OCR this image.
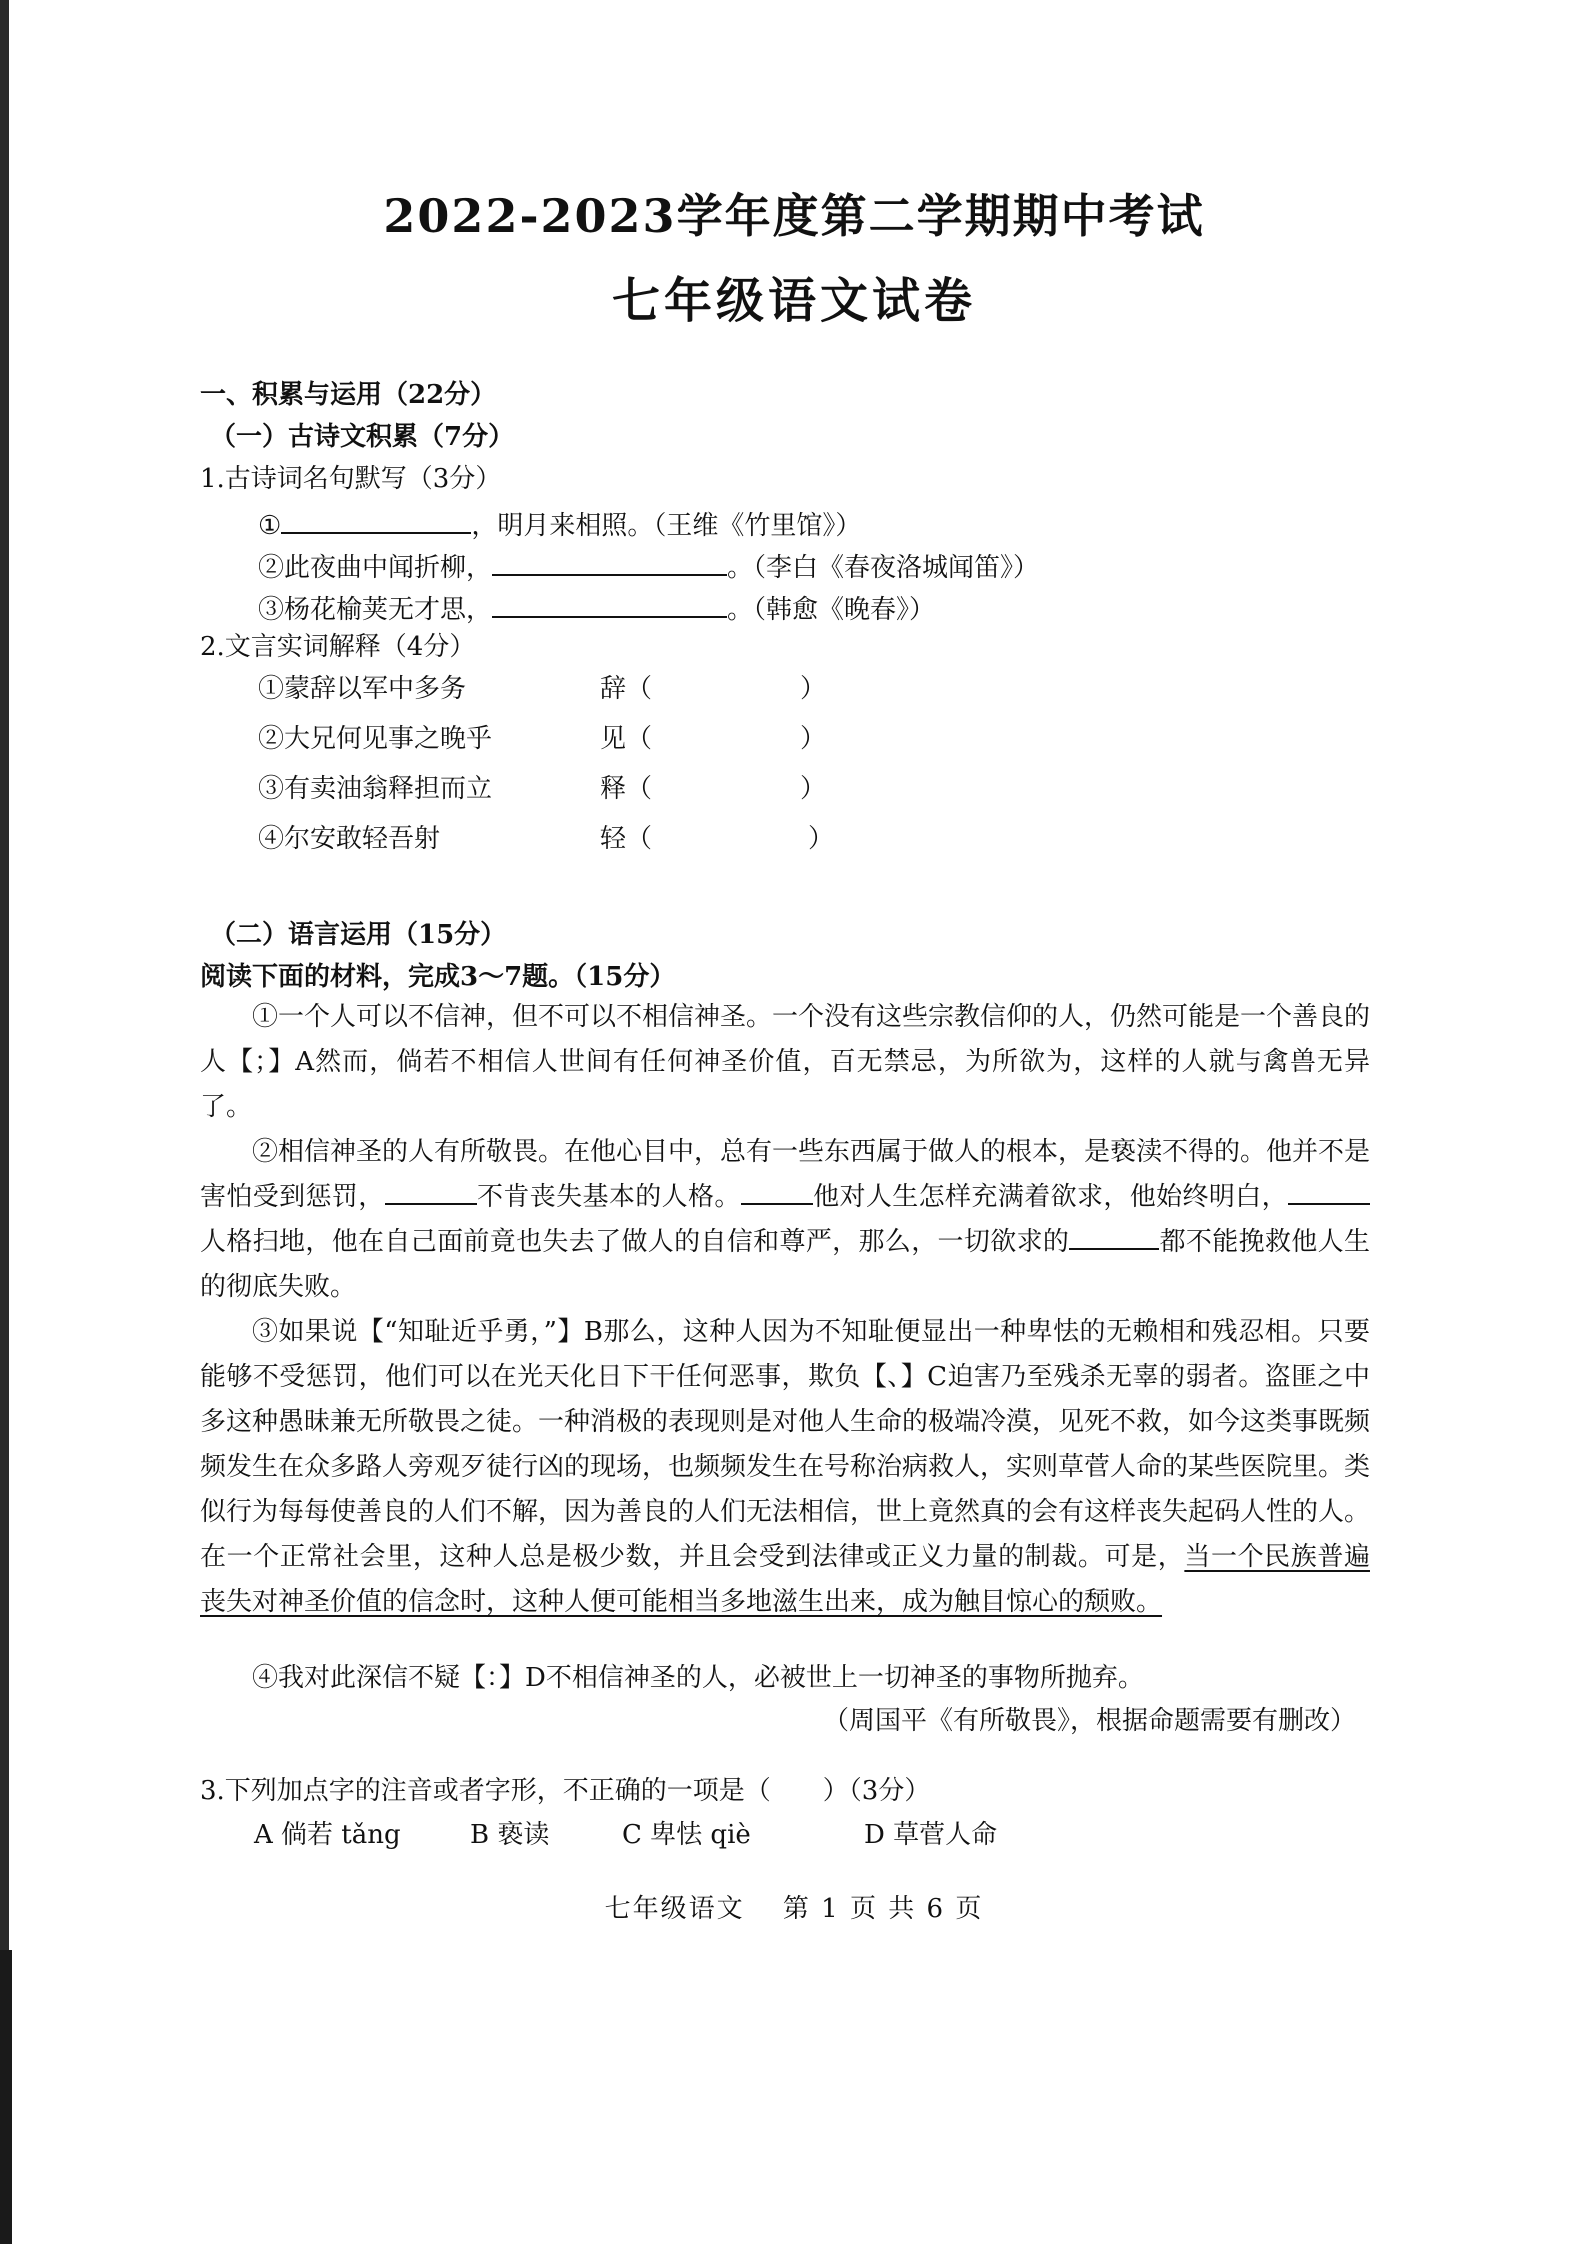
2022-2023学年度第二学期期中考试
七年级语文试卷
一、积累与运用（22分）
（一）古诗文积累（7分）
1.古诗词名句默写（3分）
①	，明月来相照。（王维《竹里馆》）
②此夜曲中闻折柳，	。（李白《春夜洛城闻笛》）
③杨花榆荚无才思，	。（韩愈《晚春》）
2.文言实词解释（4分）
①蒙辞以军中多务	辞（	）
②大兄何见事之晚乎	见（	）
③有卖油翁释担而立	释（	）
④尔安敢轻吾射	轻（	）
（二）语言运用（15分）
阅读下面的材料，完成3～7题。（15分）
①一个人可以不信神，但不可以不相信神圣。一个没有这些宗教信仰的人，仍然可能是一个善良的人【；】A然而，倘若不相信人世间有任何神圣价值，百无禁忌，为所欲为，这样的人就与禽兽无异了。
②相信神圣的人有所敬畏。在他心目中，总有一些东西属于做人的根本，是亵渎不得的。他并不是害怕受到惩罚，	不肯丧失基本的人格。	他对人生怎样充满着欲求，他始终明白，人格扫地，他在自己面前竟也失去了做人的自信和尊严，那么，一切欲求的	都不能挽救他人生的彻底失败。
③如果说【“知耻近乎勇，”】B那么，这种人因为不知耻便显出一种卑怯的无赖相和残忍相。只要能够不受惩罚，他们可以在光天化日下干任何恶事，欺负【、】C迫害乃至残杀无辜的弱者。盗匪之中多这种愚昧兼无所敬畏之徒。一种消极的表现则是对他人生命的极端冷漠，见死不救，如今这类事既频频发生在众多路人旁观歹徒行凶的现场，也频频发生在号称治病救人，实则草菅人命的某些医院里。类似行为每每使善良的人们不解，因为善良的人们无法相信，世上竟然真的会有这样丧失起码人性的人。在一个正常社会里，这种人总是极少数，并且会受到法律或正义力量的制裁。可是，当一个民族普遍丧失对神圣价值的信念时，这种人便可能相当多地滋生出来，成为触目惊心的颓败。
④我对此深信不疑【：】D不相信神圣的人，必被世上一切神圣的事物所抛弃。
（周国平《有所敬畏》，根据命题需要有删改）
3.下列加点字的注音或者字形，不正确的一项是（　　）（3分）
A 倘若 tǎng	B 亵读	C 卑怯 qiè	D 草菅人命
七年级语文　 第 1 页 共 6 页
